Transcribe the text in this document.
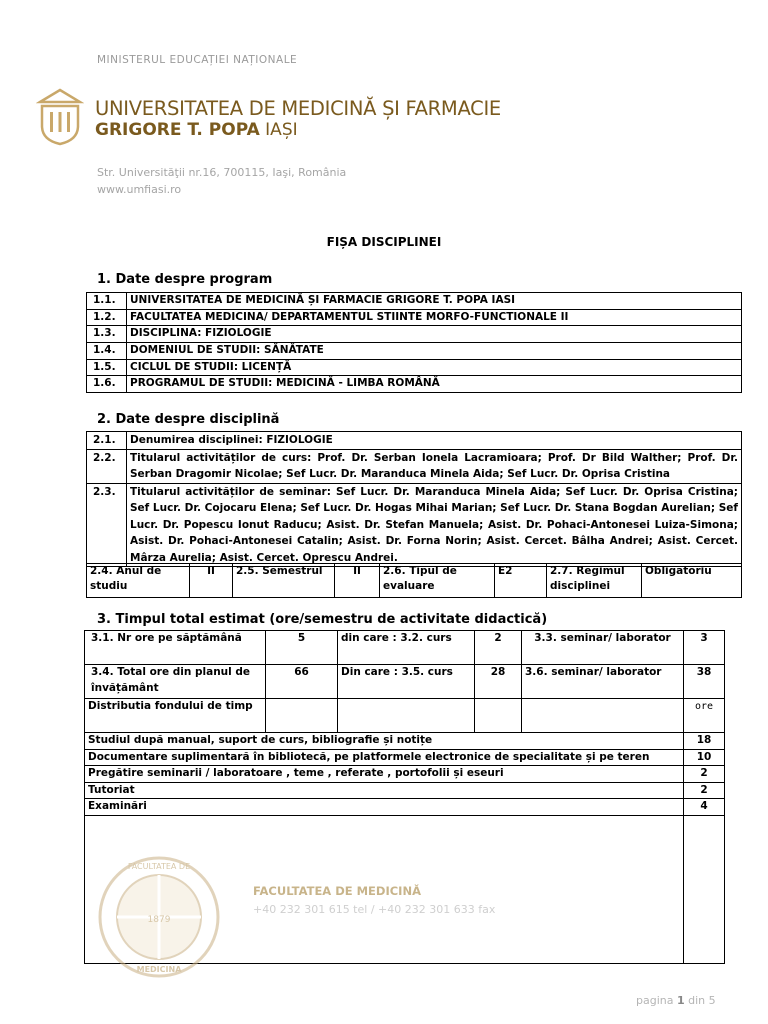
MINISTERUL EDUCAȚIEI NAȚIONALE
UNIVERSITATEA DE MEDICINĂ ȘI FARMACIE
GRIGORE T. POPA IAȘI
Str. Universităţii nr.16, 700115, Iaşi, România
www.umfiasi.ro
FIȘA DISCIPLINEI
1. Date despre program
1.1.	UNIVERSITATEA DE MEDICINĂ ȘI FARMACIE GRIGORE T. POPA IASI
1.2.	FACULTATEA MEDICINA/ DEPARTAMENTUL STIINTE MORFO-FUNCTIONALE II
1.3.	DISCIPLINA: FIZIOLOGIE
1.4.	DOMENIUL DE STUDII: SĂNĂTATE
1.5.	CICLUL DE STUDII: LICENȚĂ
1.6.	PROGRAMUL DE STUDII: MEDICINĂ - LIMBA ROMÂNĂ
2. Date despre disciplină
2.1.	Denumirea disciplinei: FIZIOLOGIE
2.2.	Titularul activităților de curs: Prof. Dr. Serban Ionela Lacramioara; Prof. Dr Bild Walther; Prof. Dr. Serban Dragomir Nicolae; Sef Lucr. Dr. Maranduca Minela Aida; Sef Lucr. Dr. Oprisa Cristina
2.3.	Titularul activităților de seminar: Sef Lucr. Dr. Maranduca Minela Aida; Sef Lucr. Dr. Oprisa Cristina; Sef Lucr. Dr. Cojocaru Elena; Sef Lucr. Dr. Hogas Mihai Marian; Sef Lucr. Dr. Stana Bogdan Aurelian; Sef Lucr. Dr. Popescu Ionut Raducu; Asist. Dr. Stefan Manuela; Asist. Dr. Pohaci-Antonesei Luiza-Simona; Asist. Dr. Pohaci-Antonesei Catalin; Asist. Dr. Forna Norin; Asist. Cercet. Bâlha Andrei; Asist. Cercet. Mârza Aurelia; Asist. Cercet. Oprescu Andrei.
2.4. Anul de studiu	II	2.5. Semestrul	II	2.6. Tipul de evaluare	E2	2.7. Regimul disciplinei	Obligatoriu
3. Timpul total estimat (ore/semestru de activitate didactică)
3.1. Nr ore pe săptămână	5	din care : 3.2. curs	2	3.3. seminar/ laborator	3
3.4. Total ore din planul de învățământ	66	Din care : 3.5. curs	28	3.6. seminar/ laborator	38
Distributia fondului de timp					ore
Studiul după manual, suport de curs, bibliografie și notițe					18
Documentare suplimentară în bibliotecă, pe platformele electronice de specialitate și pe teren					10
Pregătire seminarii / laboratoare , teme , referate , portofolii și eseuri					2
Tutoriat					2
Examinări					4

1879
FACULTATEA DE
MEDICINA
FACULTATEA DE MEDICINĂ
+40 232 301 615 tel / +40 232 301 633 fax
pagina 1 din 5
